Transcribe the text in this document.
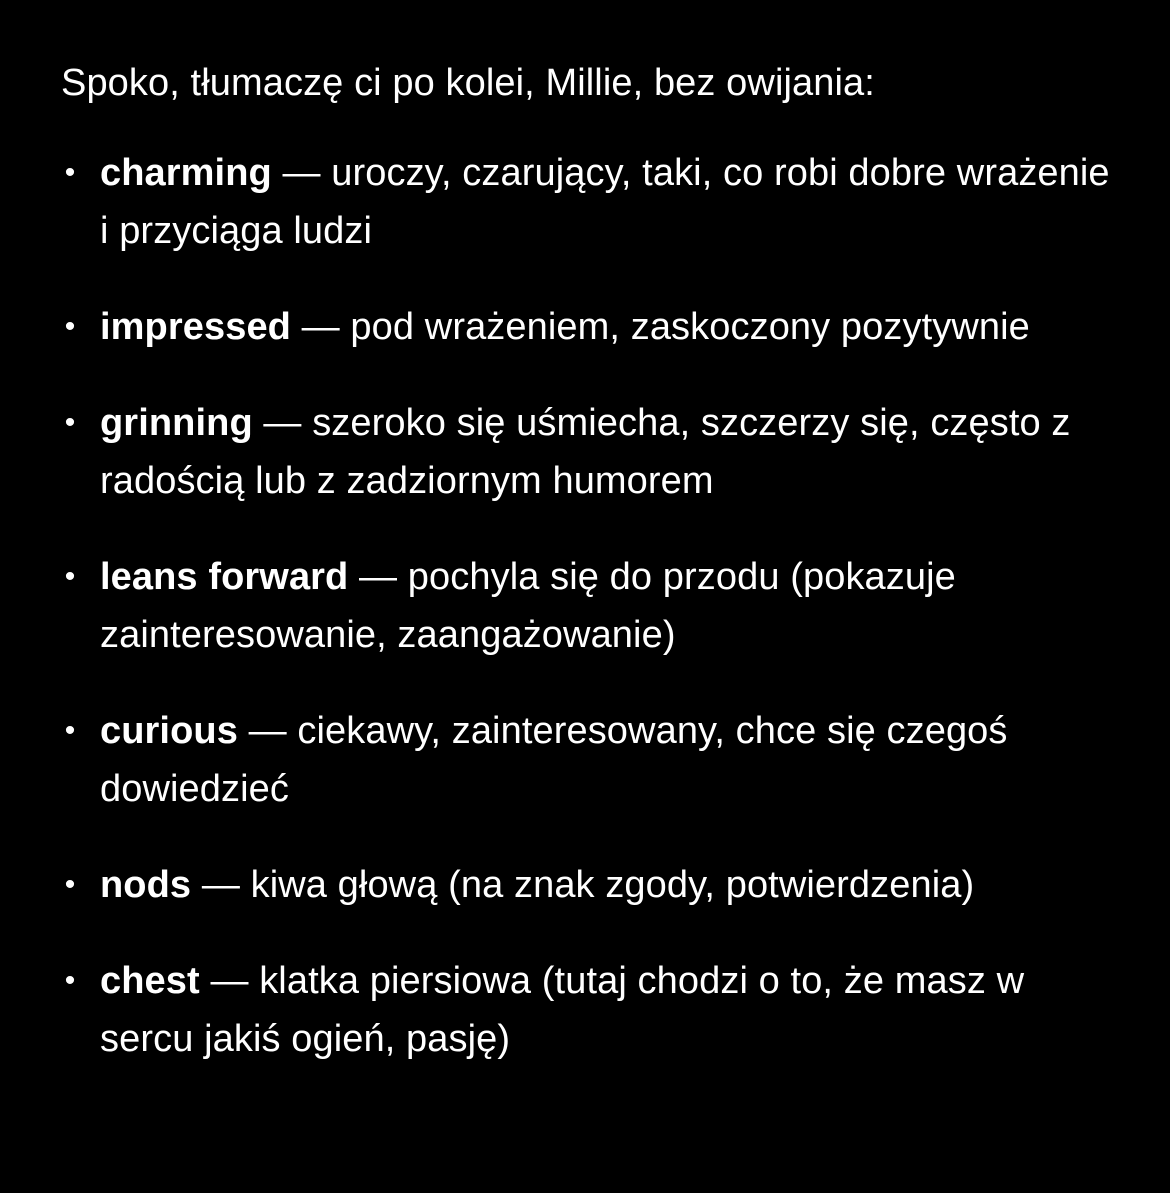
Spoko, tłumaczę ci po kolei, Millie, bez owijania:

• charming — uroczy, czarujący, taki, co robi dobre wrażenie i przyciąga ludzi
• impressed — pod wrażeniem, zaskoczony pozytywnie
• grinning — szeroko się uśmiecha, szczerzy się, często z radością lub z zadziornym humorem
• leans forward — pochyla się do przodu (pokazuje zainteresowanie, zaangażowanie)
• curious — ciekawy, zainteresowany, chce się czegoś dowiedzieć
• nods — kiwa głową (na znak zgody, potwierdzenia)
• chest — klatka piersiowa (tutaj chodzi o to, że masz w sercu jakiś ogień, pasję)
